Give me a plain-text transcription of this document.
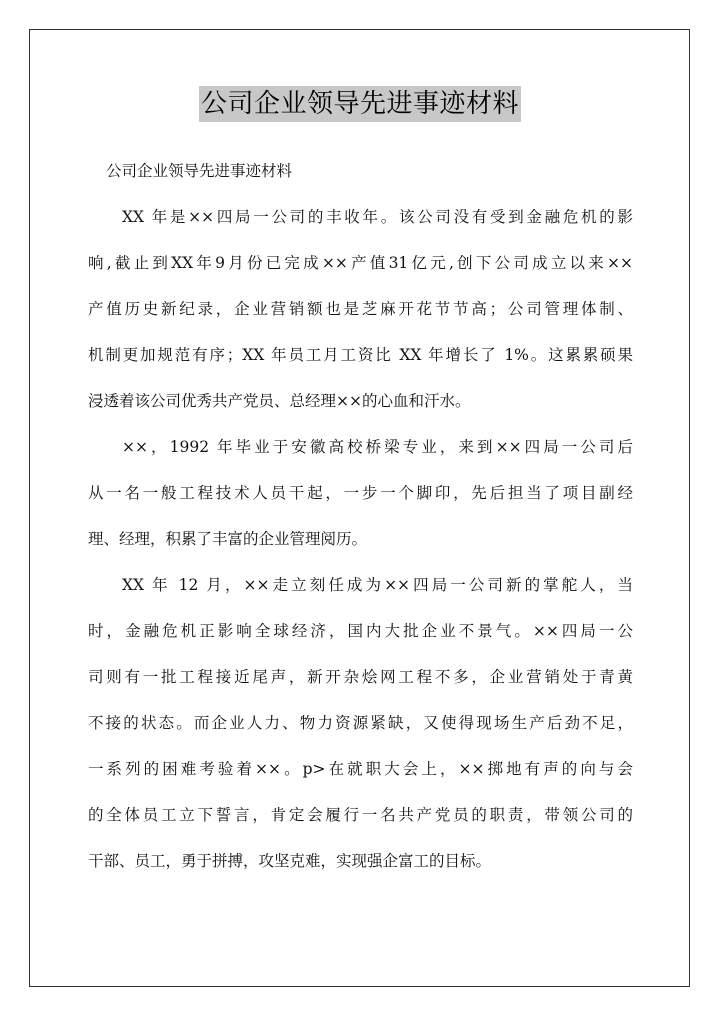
公司企业领导先进事迹材料
公司企业领导先进事迹材料
XX 年是××四局一公司的丰收年。该公司没有受到金融危机的影
响,截止到XX年9月份已完成××产值31亿元,创下公司成立以来××
产值历史新纪录，企业营销额也是芝麻开花节节高；公司管理体制、
机制更加规范有序；XX 年员工月工资比 XX 年增长了 1%。这累累硕果
浸透着该公司优秀共产党员、总经理××的心血和汗水。
××，1992 年毕业于安徽高校桥梁专业，来到××四局一公司后
从一名一般工程技术人员干起，一步一个脚印，先后担当了项目副经
理、经理，积累了丰富的企业管理阅历。
XX 年 12 月，××走立刻任成为××四局一公司新的掌舵人，当
时，金融危机正影响全球经济，国内大批企业不景气。××四局一公
司则有一批工程接近尾声，新开杂烩网工程不多，企业营销处于青黄
不接的状态。而企业人力、物力资源紧缺，又使得现场生产后劲不足，
一系列的困难考验着××。p>在就职大会上，××掷地有声的向与会
的全体员工立下誓言，肯定会履行一名共产党员的职责，带领公司的
干部、员工，勇于拼搏，攻坚克难，实现强企富工的目标。
